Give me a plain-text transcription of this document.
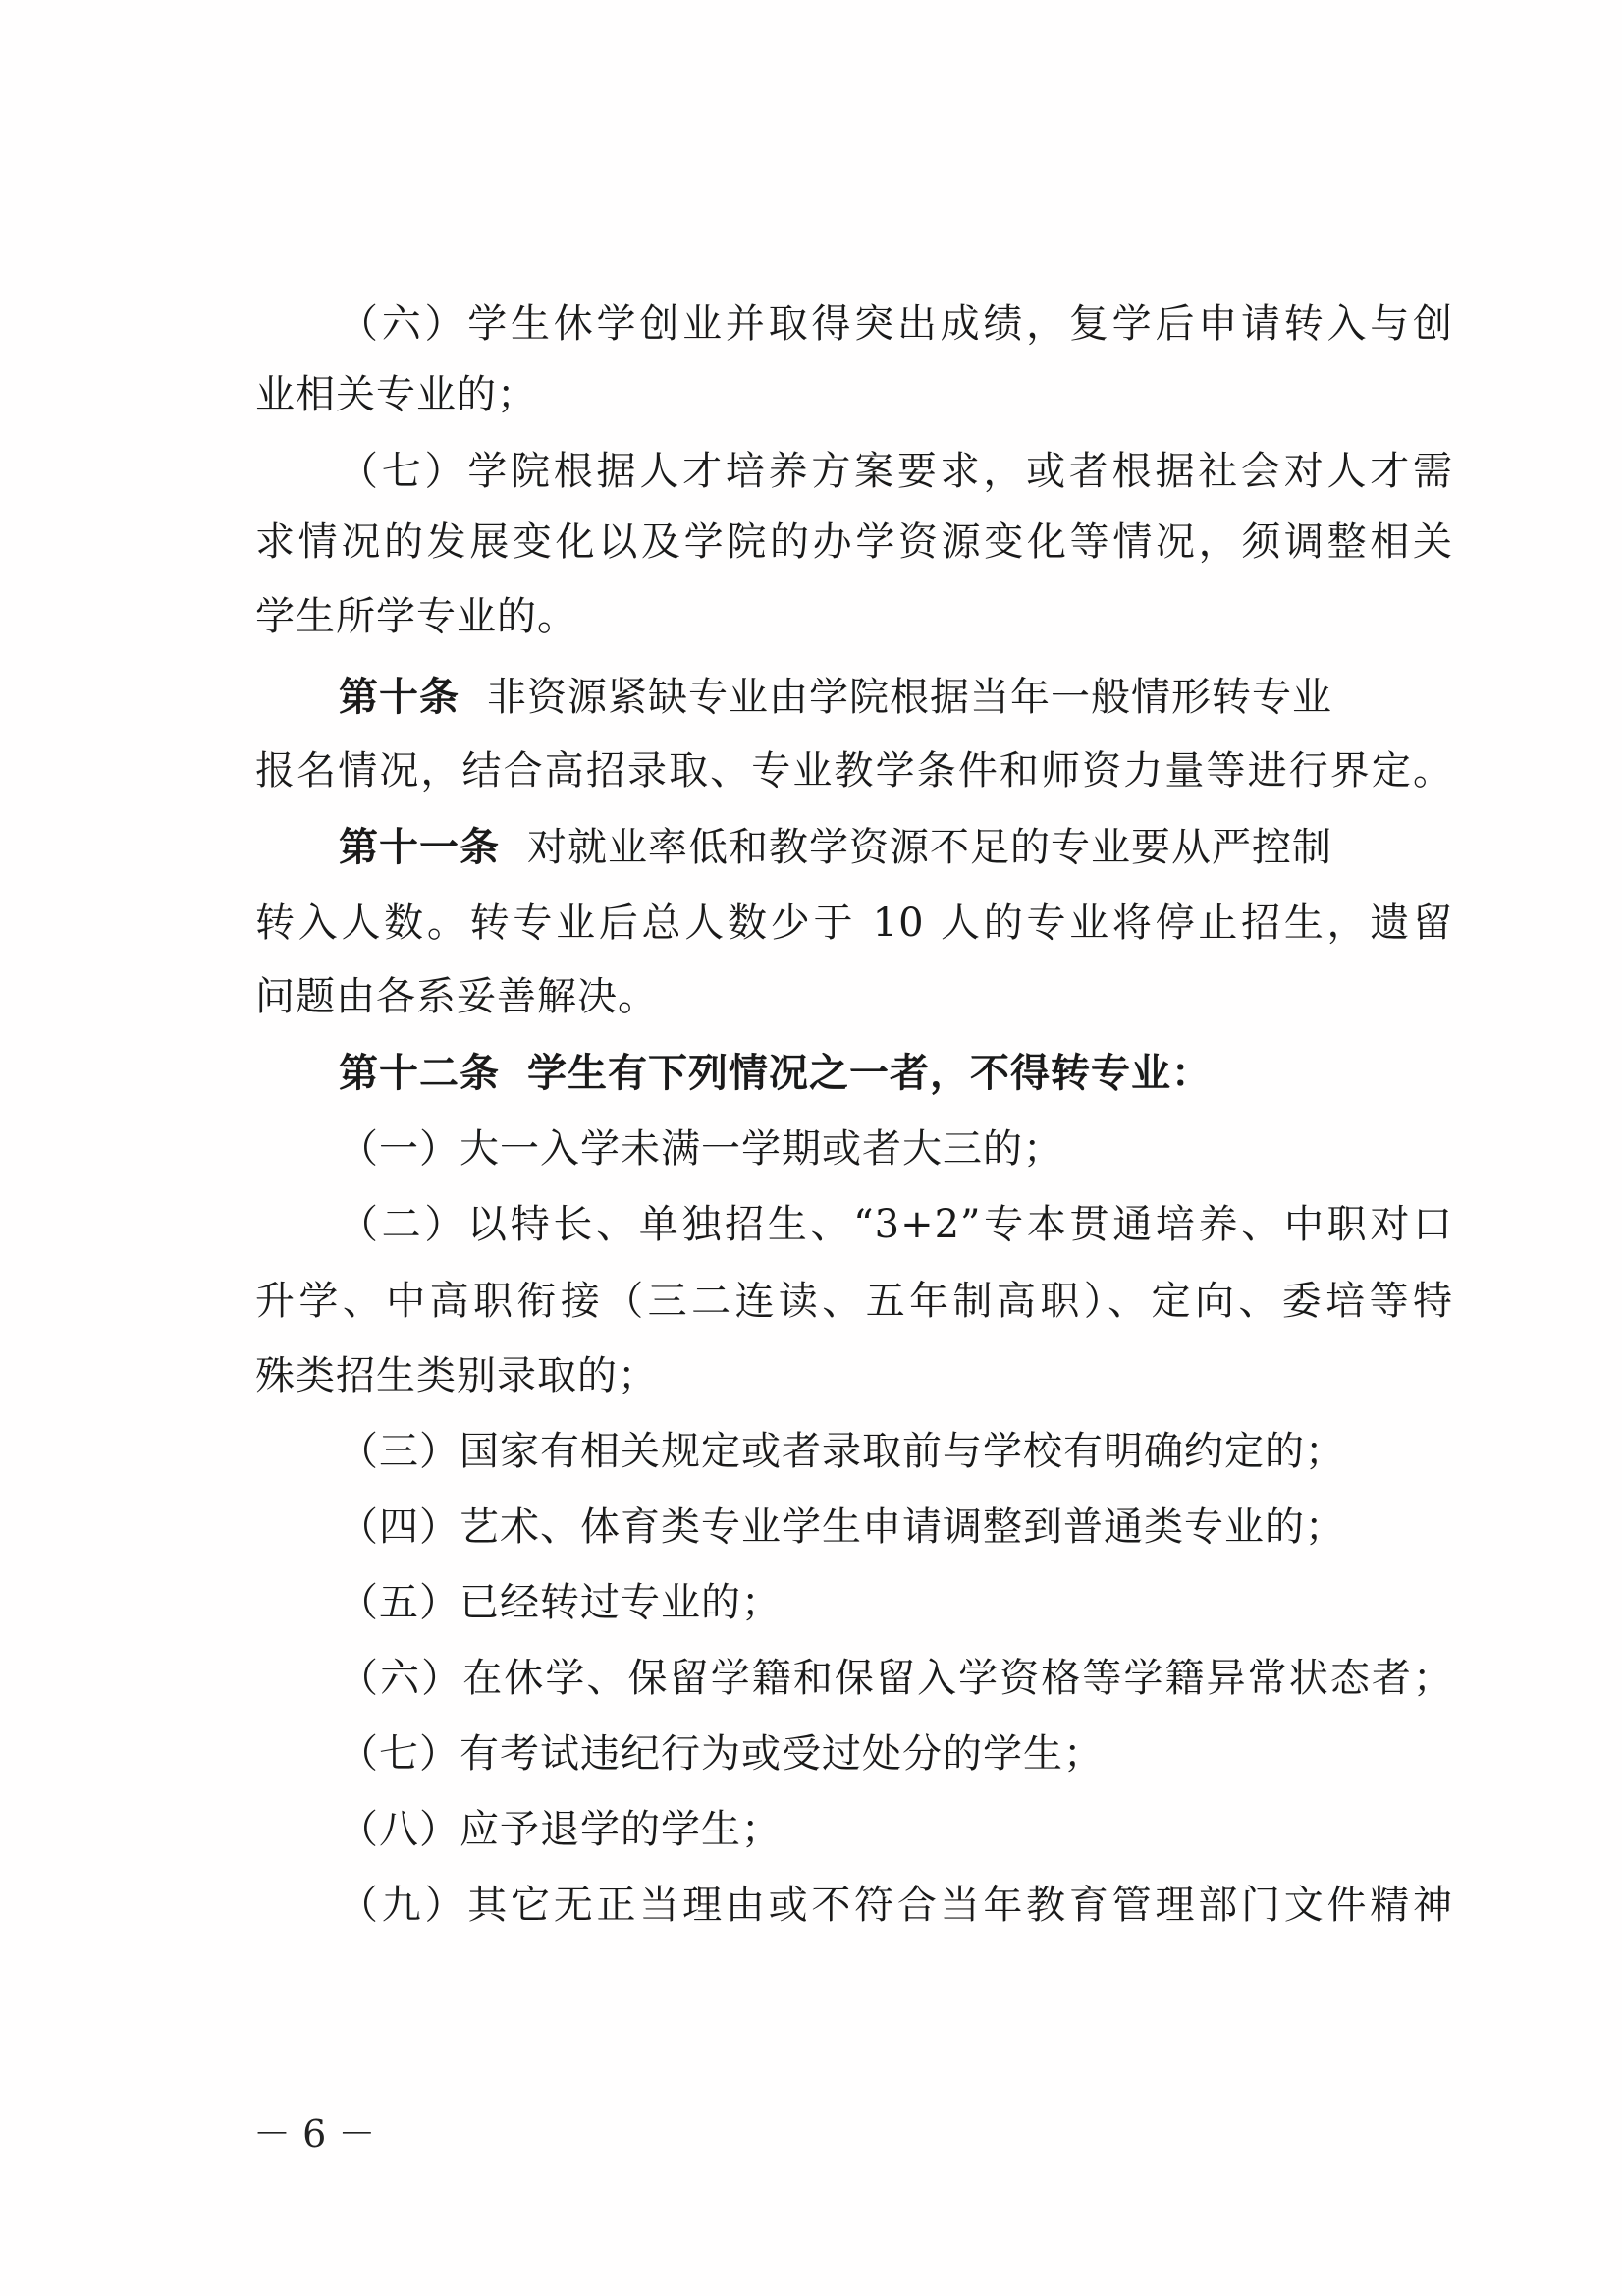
（六）学生休学创业并取得突出成绩，复学后申请转入与创
业相关专业的；
（七）学院根据人才培养方案要求，或者根据社会对人才需
求情况的发展变化以及学院的办学资源变化等情况，须调整相关
学生所学专业的。
第十条 非资源紧缺专业由学院根据当年一般情形转专业
报名情况，结合高招录取、专业教学条件和师资力量等进行界定。
第十一条 对就业率低和教学资源不足的专业要从严控制
转入人数。转专业后总人数少于 10 人的专业将停止招生，遗留
问题由各系妥善解决。
第十二条 学生有下列情况之一者，不得转专业：
（一）大一入学未满一学期或者大三的；
（二）以特长、单独招生、“3+2”专本贯通培养、中职对口
升学、中高职衔接（三二连读、五年制高职）、定向、委培等特
殊类招生类别录取的；
（三）国家有相关规定或者录取前与学校有明确约定的；
（四）艺术、体育类专业学生申请调整到普通类专业的；
（五）已经转过专业的；
（六）在休学、保留学籍和保留入学资格等学籍异常状态者；
（七）有考试违纪行为或受过处分的学生；
（八）应予退学的学生；
（九）其它无正当理由或不符合当年教育管理部门文件精神
－ 6 －
